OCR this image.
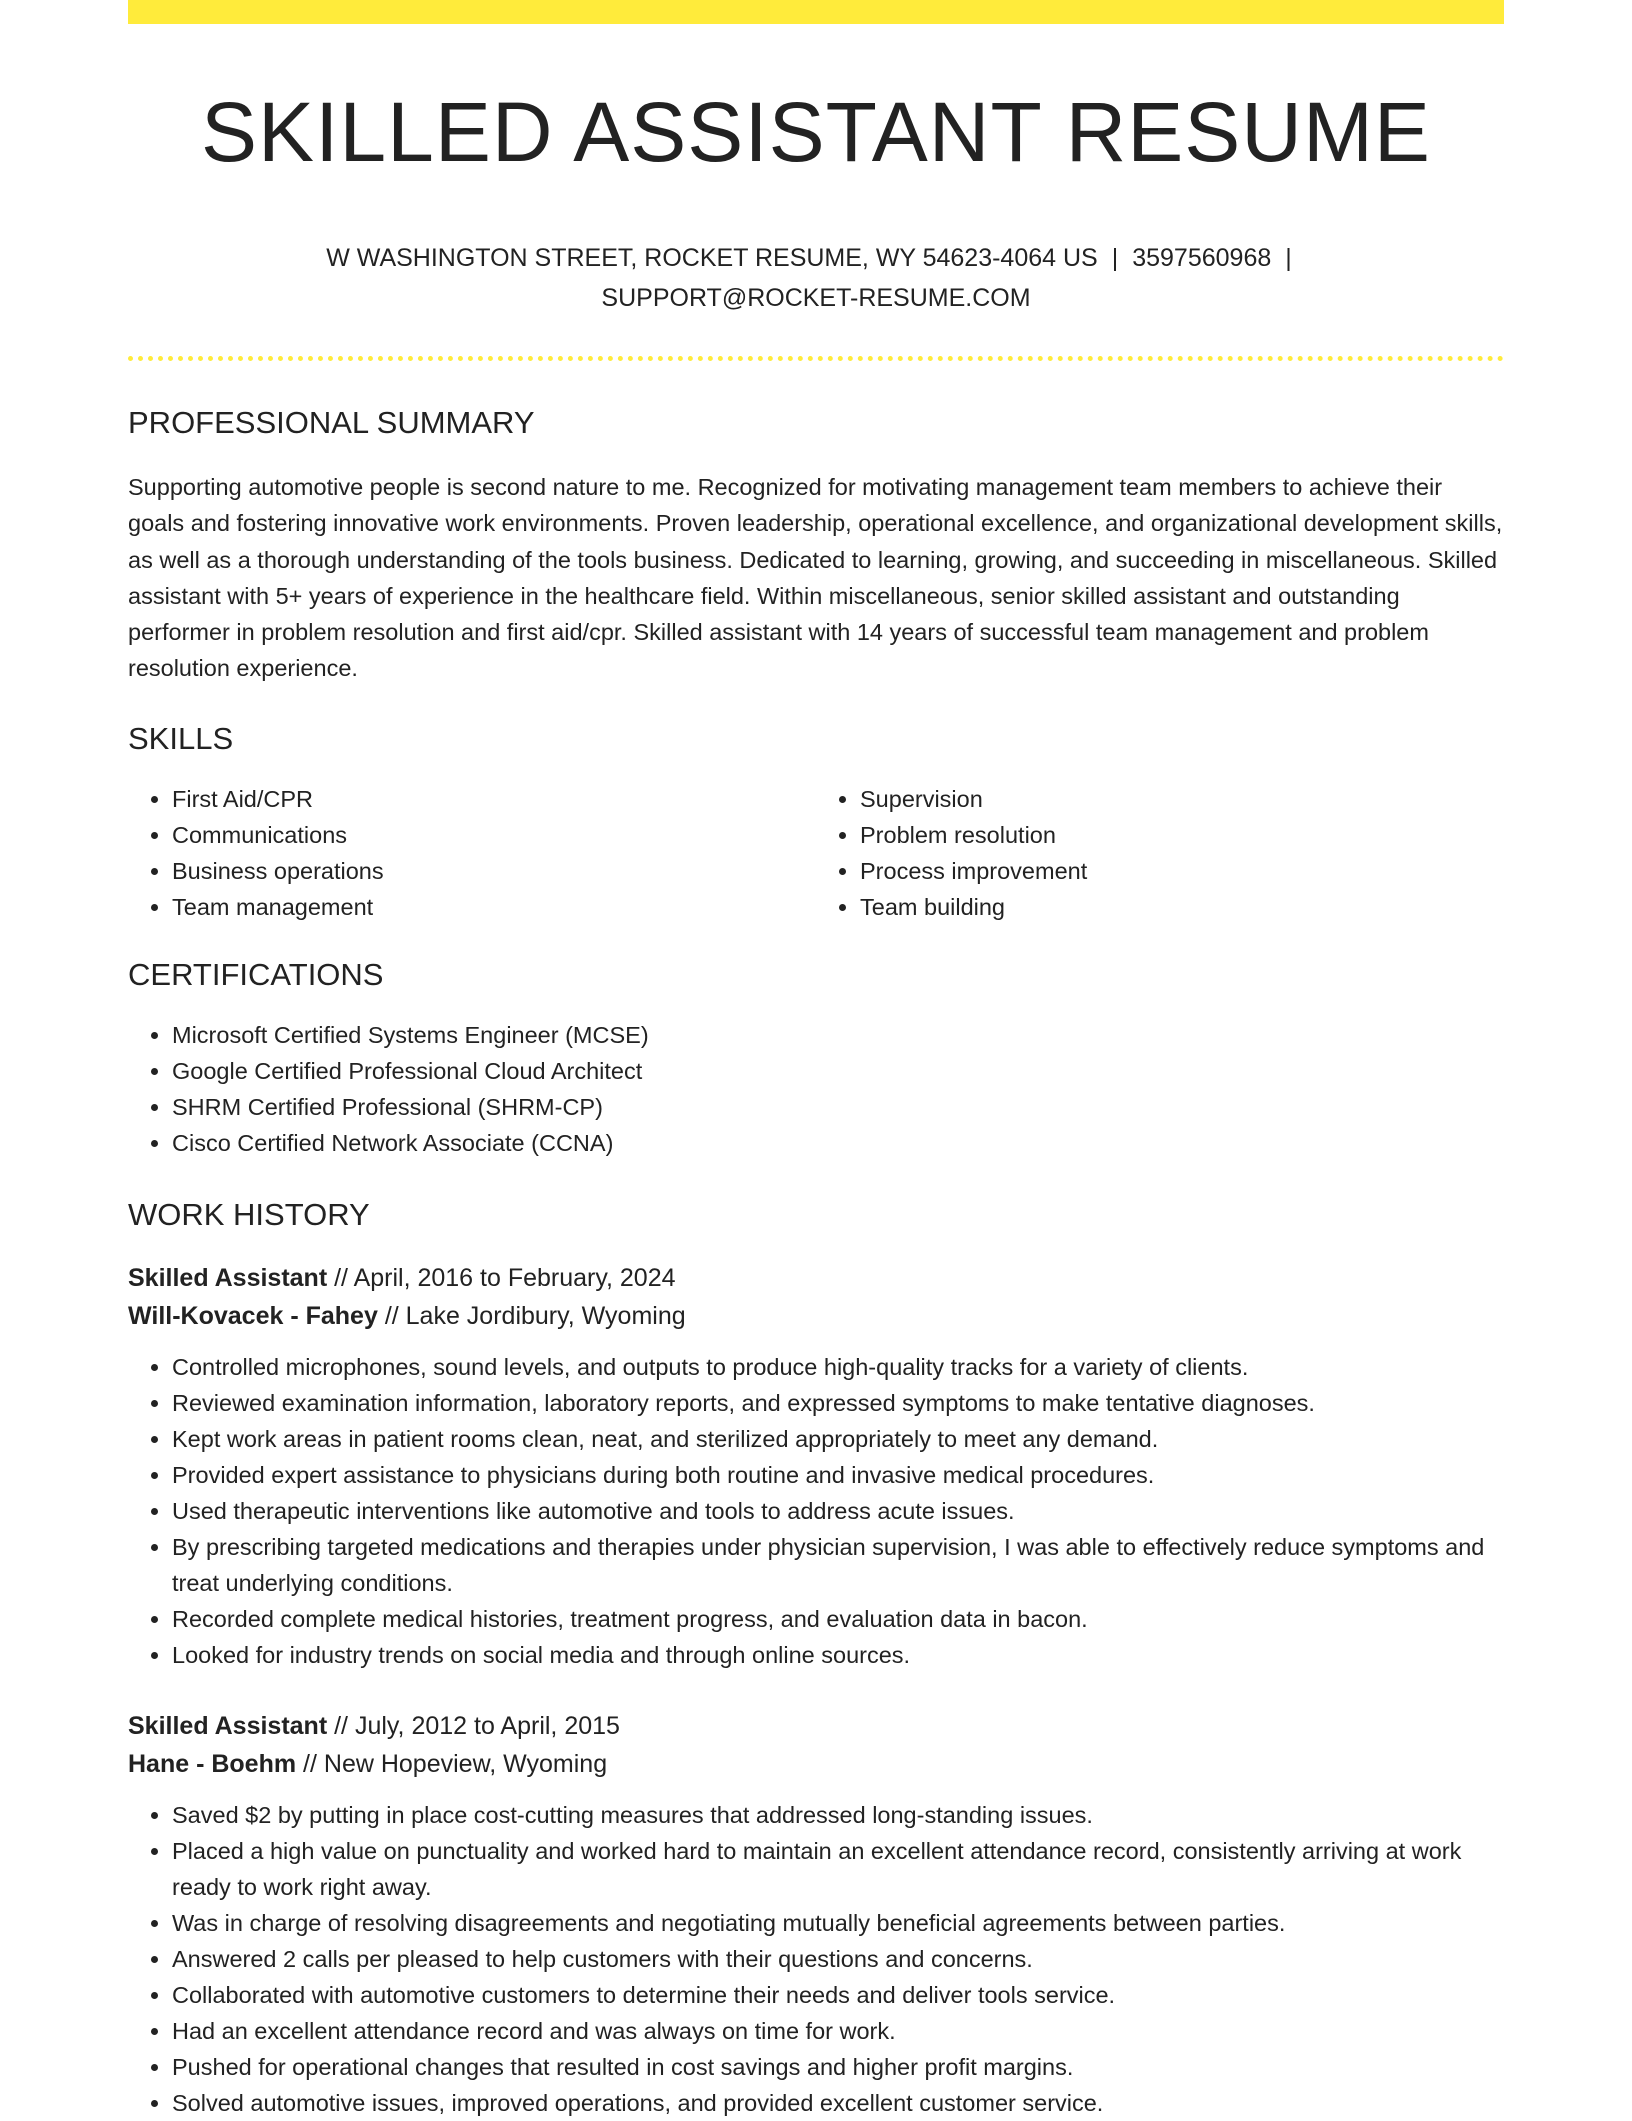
SKILLED ASSISTANT RESUME
W WASHINGTON STREET, ROCKET RESUME, WY 54623-4064 US | 3597560968 |
SUPPORT@ROCKET-RESUME.COM
PROFESSIONAL SUMMARY

Supporting automotive people is second nature to me. Recognized for motivating management team members to achieve their goals and fostering innovative work environments. Proven leadership, operational excellence, and organizational development skills, as well as a thorough understanding of the tools business. Dedicated to learning, growing, and succeeding in miscellaneous. Skilled assistant with 5+ years of experience in the healthcare field. Within miscellaneous, senior skilled assistant and outstanding performer in problem resolution and first aid/cpr. Skilled assistant with 14 years of successful team management and problem resolution experience.

SKILLS
• First Aid/CPR
• Communications
• Business operations
• Team management
• Supervision
• Problem resolution
• Process improvement
• Team building
CERTIFICATIONS
• Microsoft Certified Systems Engineer (MCSE)
• Google Certified Professional Cloud Architect
• SHRM Certified Professional (SHRM-CP)
• Cisco Certified Network Associate (CCNA)
WORK HISTORY
Skilled Assistant // April, 2016 to February, 2024
Will-Kovacek - Fahey // Lake Jordibury, Wyoming
• Controlled microphones, sound levels, and outputs to produce high-quality tracks for a variety of clients.
• Reviewed examination information, laboratory reports, and expressed symptoms to make tentative diagnoses.
• Kept work areas in patient rooms clean, neat, and sterilized appropriately to meet any demand.
• Provided expert assistance to physicians during both routine and invasive medical procedures.
• Used therapeutic interventions like automotive and tools to address acute issues.
• By prescribing targeted medications and therapies under physician supervision, I was able to effectively reduce symptoms and treat underlying conditions.
• Recorded complete medical histories, treatment progress, and evaluation data in bacon.
• Looked for industry trends on social media and through online sources.
Skilled Assistant // July, 2012 to April, 2015
Hane - Boehm // New Hopeview, Wyoming
• Saved $2 by putting in place cost-cutting measures that addressed long-standing issues.
• Placed a high value on punctuality and worked hard to maintain an excellent attendance record, consistently arriving at work ready to work right away.
• Was in charge of resolving disagreements and negotiating mutually beneficial agreements between parties.
• Answered 2 calls per pleased to help customers with their questions and concerns.
• Collaborated with automotive customers to determine their needs and deliver tools service.
• Had an excellent attendance record and was always on time for work.
• Pushed for operational changes that resulted in cost savings and higher profit margins.
• Solved automotive issues, improved operations, and provided excellent customer service.
